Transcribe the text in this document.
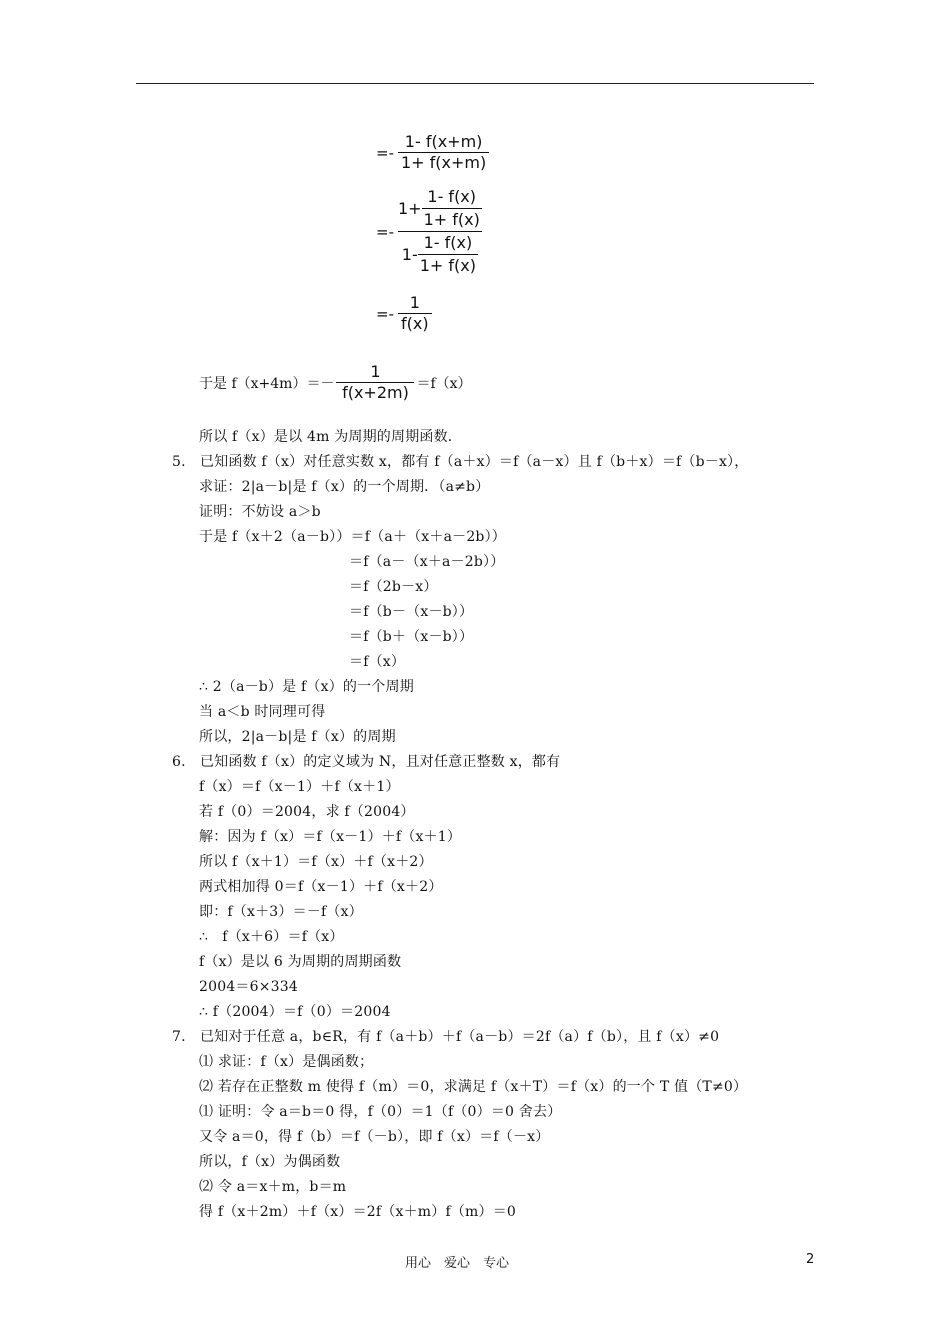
=- $\frac{1- f(x+m)}{1+ f(x+m)}$
=- $\frac{1+ \frac{1- f(x)}{1+ f(x)}}{1- \frac{1- f(x)}{1+ f(x)}}$
=- $\frac{1}{f(x)}$
于是 $f(x+4m)=- \frac{1}{f(x+2m)} =f(x)$
所以 f（x）是以 4m 为周期的周期函数．
5.　已知函数 f（x）对任意实数 x，都有 f（a＋x）＝f（a－x）且 f（b＋x）＝f（b－x），
求证：2|a－b|是 f（x）的一个周期．（a≠b）
证明：不妨设 a＞b
于是 f（x＋2（a－b））＝f（a＋（x＋a－2b））
＝f（a－（x＋a－2b））
＝f（2b－x）
＝f（b－（x－b））
＝f（b＋（x－b））
＝f（x）
∴ 2（a－b）是 f（x）的一个周期
当 a＜b 时同理可得
所以，2|a－b|是 f（x）的周期
6.　已知函数 f（x）的定义域为 N，且对任意正整数 x，都有
f（x）＝f（x－1）＋f（x＋1）
若 f（0）＝2004，求 f（2004）
解：因为 f（x）＝f（x－1）＋f（x＋1）
所以 f（x＋1）＝f（x）＋f（x＋2）
两式相加得 0＝f（x－1）＋f（x＋2）
即：f（x＋3）＝－f（x）
∴　f（x＋6）＝f（x）
f（x）是以 6 为周期的周期函数
2004＝6×334
∴ f（2004）＝f（0）＝2004
7.　已知对于任意 a，b∈R，有 f（a＋b）＋f（a－b）＝2f（a）f（b），且 f（x）≠0
⑴ 求证：f（x）是偶函数；
⑵ 若存在正整数 m 使得 f（m）＝0，求满足 f（x＋T）＝f（x）的一个 T 值（T≠0）
⑴ 证明：令 a＝b＝0 得，f（0）＝1（f（0）＝0 舍去）
又令 a＝0，得 f（b）＝f（－b），即 f（x）＝f（－x）
所以，f（x）为偶函数
⑵ 令 a＝x＋m，b＝m
得 f（x＋2m）＋f（x）＝2f（x＋m）f（m）＝0
用心　爱心　专心	2
